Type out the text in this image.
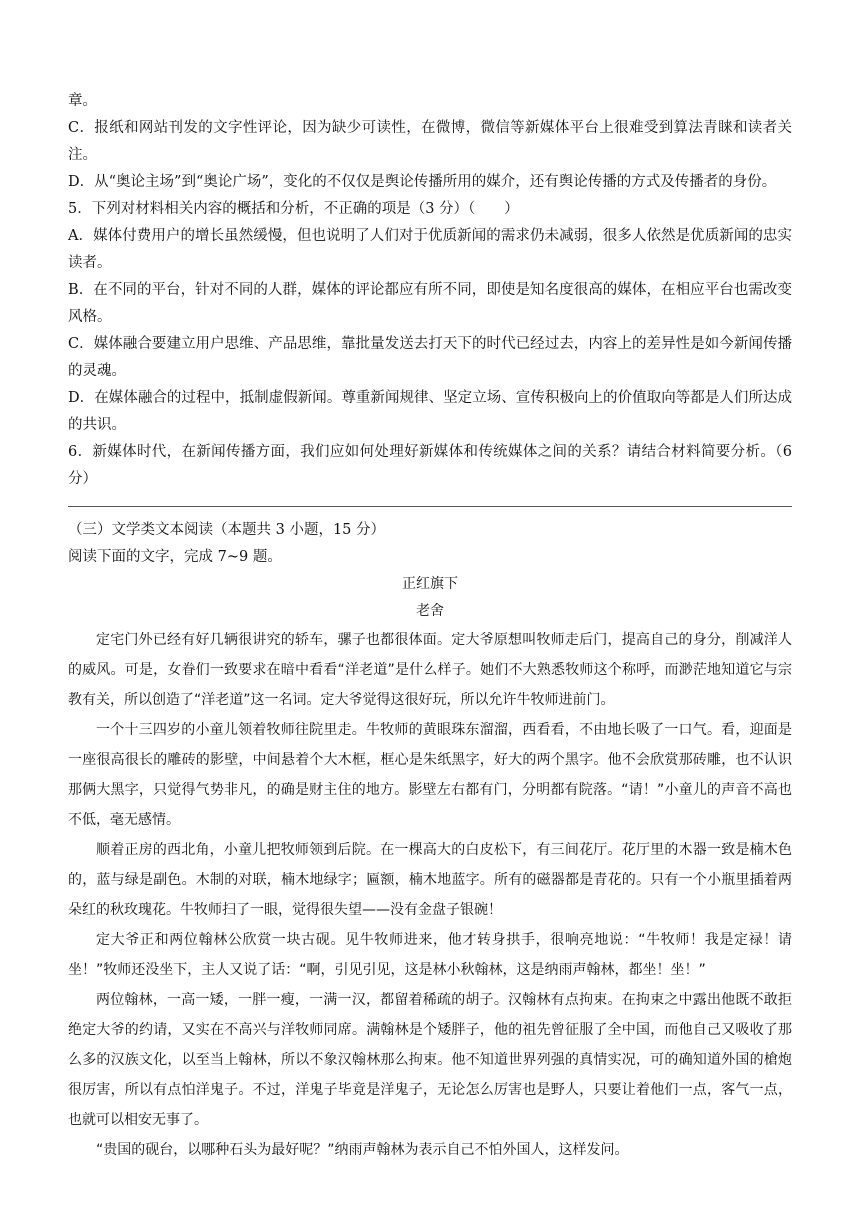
章。

C．报纸和网站刊发的文字性评论，因为缺少可读性，在微博，微信等新媒体平台上很难受到算法青睐和读者关注。

D．从“奥论主场”到“奥论广场”，变化的不仅仅是舆论传播所用的媒介，还有舆论传播的方式及传播者的身份。

5．下列对材料相关内容的概括和分析，不正确的项是（3 分）（　　）

A．媒体付费用户的增长虽然缓慢，但也说明了人们对于优质新闻的需求仍未减弱，很多人依然是优质新闻的忠实读者。

B．在不同的平台，针对不同的人群，媒体的评论都应有所不同，即使是知名度很高的媒体，在相应平台也需改变风格。

C．媒体融合要建立用户思维、产品思维，靠批量发送去打天下的时代已经过去，内容上的差异性是如今新闻传播的灵魂。

D．在媒体融合的过程中，抵制虚假新闻。尊重新闻规律、坚定立场、宣传积极向上的价值取向等都是人们所达成的共识。

6．新媒体时代，在新闻传播方面，我们应如何处理好新媒体和传统媒体之间的关系？请结合材料简要分析。（6 分）

（三）文学类文本阅读（本题共 3 小题，15 分）

阅读下面的文字，完成 7~9 题。

正红旗下

老舍

定宅门外已经有好几辆很讲究的轿车，骡子也都很体面。定大爷原想叫牧师走后门，提高自己的身分，削减洋人的威风。可是，女眷们一致要求在暗中看看“洋老道”是什么样子。她们不大熟悉牧师这个称呼，而渺茫地知道它与宗教有关，所以创造了“洋老道”这一名词。定大爷觉得这很好玩，所以允许牛牧师进前门。

一个十三四岁的小童儿领着牧师往院里走。牛牧师的黄眼珠东溜溜，西看看，不由地长吸了一口气。看，迎面是一座很高很长的雕砖的影壁，中间悬着个大木框，框心是朱纸黑字，好大的两个黑字。他不会欣赏那砖雕，也不认识那俩大黑字，只觉得气势非凡，的确是财主住的地方。影壁左右都有门，分明都有院落。“请！”小童儿的声音不高也不低，毫无感情。

顺着正房的西北角，小童儿把牧师领到后院。在一棵高大的白皮松下，有三间花厅。花厅里的木器一致是楠木色的，蓝与绿是副色。木制的对联，楠木地绿字；匾额，楠木地蓝字。所有的磁器都是青花的。只有一个小瓶里插着两朵红的秋玫瑰花。牛牧师扫了一眼，觉得很失望——没有金盘子银碗！

定大爷正和两位翰林公欣赏一块古砚。见牛牧师进来，他才转身拱手，很响亮地说：“牛牧师！我是定禄！请坐！”牧师还没坐下，主人又说了话：“啊，引见引见，这是林小秋翰林，这是纳雨声翰林，都坐！坐！”

两位翰林，一高一矮，一胖一瘦，一满一汉，都留着稀疏的胡子。汉翰林有点拘束。在拘束之中露出他既不敢拒绝定大爷的约请，又实在不高兴与洋牧师同席。满翰林是个矮胖子，他的祖先曾征服了全中国，而他自己又吸收了那么多的汉族文化，以至当上翰林，所以不象汉翰林那么拘束。他不知道世界列强的真情实况，可的确知道外国的槍炮很厉害，所以有点怕洋鬼子。不过，洋鬼子毕竟是洋鬼子，无论怎么厉害也是野人，只要让着他们一点，客气一点，也就可以相安无事了。

“贵国的砚台，以哪种石头为最好呢？”纳雨声翰林为表示自己不怕外国人，这样发问。
